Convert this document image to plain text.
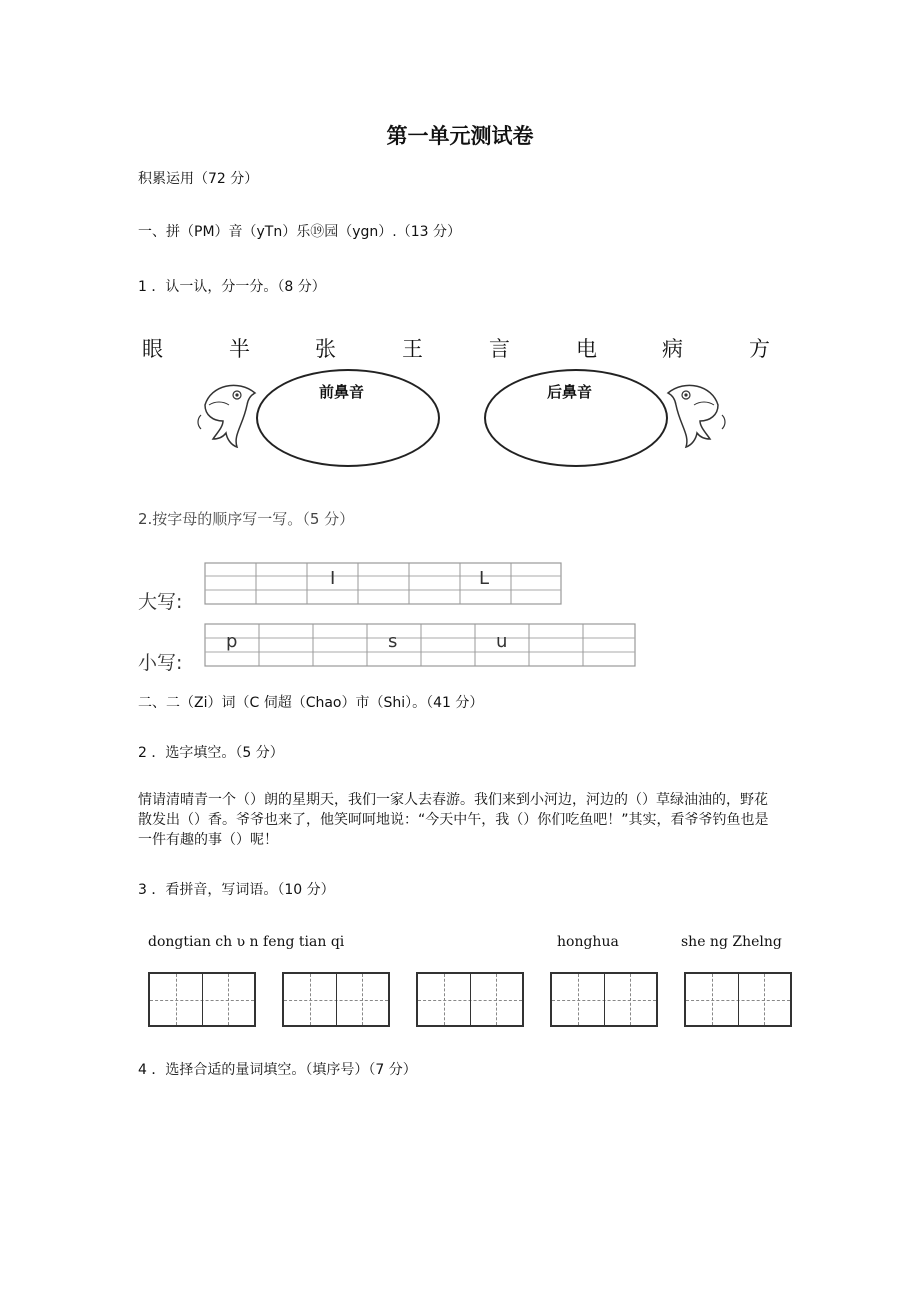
第一单元测试卷
积累运用（72 分）
一、拼（PM）音（yTn）乐⑲园（ygn）.（13 分）
1 ．认一认，分一分。（8 分）
眼	半	张	王	言	电	病	方
前鼻音	后鼻音
2.按字母的顺序写一写。（5 分）
大写:
I	L
小写:
p	s	u
二、二（Zi）词（C 伺超（Chao）市（Shi）。（41 分）
2 ．选字填空。（5 分）
情请清晴青一个（）朗的星期天，我们一家人去春游。我们来到小河边，河边的（）草绿油油的，野花散发出（）香。爷爷也来了，他笑呵呵地说：“今天中午，我（）你们吃鱼吧！”其实，看爷爷钓鱼也是一件有趣的事（）呢！
3 ．看拼音，写词语。（10 分）
dongtian ch ʋ n feng tian qi	honghua	she ng Zhelng
4 ．选择合适的量词填空。（填序号）（7 分）
